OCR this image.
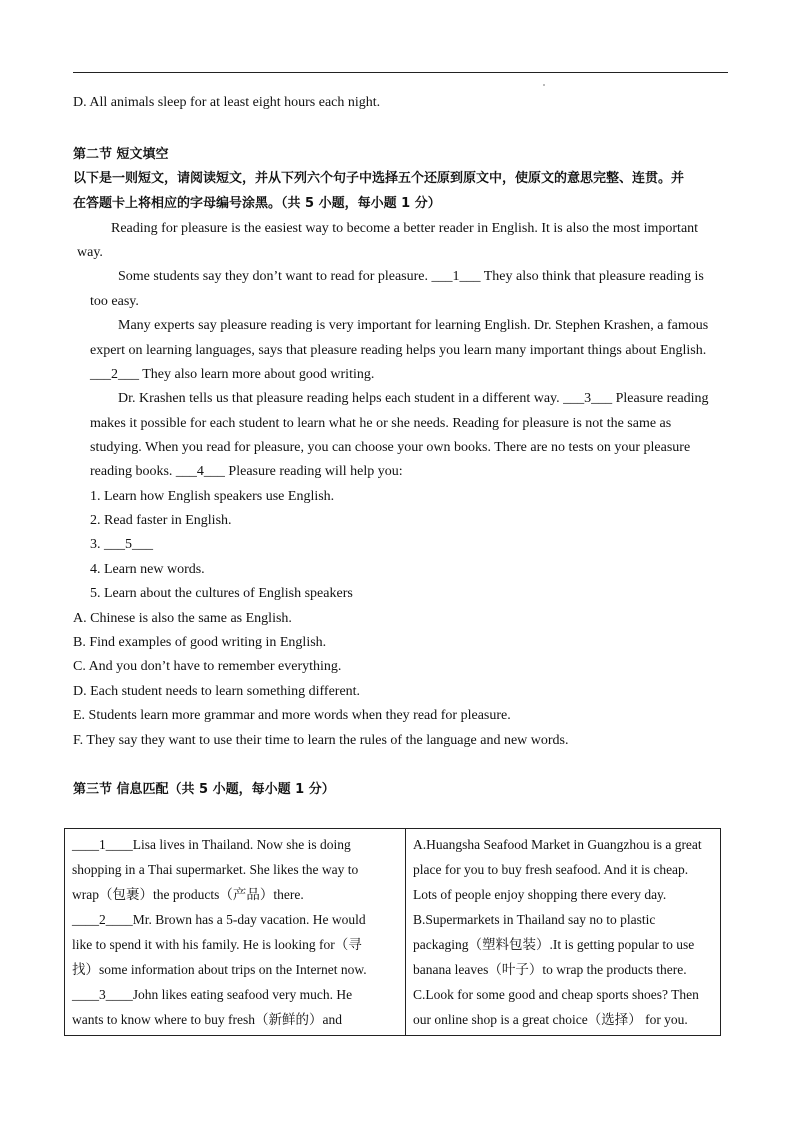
D. All animals sleep for at least eight hours each night.
第二节 短文填空
以下是一则短文，请阅读短文，并从下列六个句子中选择五个还原到原文中，使原文的意思完整、连贯。并
在答题卡上将相应的字母编号涂黑。（共 5 小题，每小题 1 分）
Reading for pleasure is the easiest way to become a better reader in English. It is also the most important
way.
Some students say they don’t want to read for pleasure. ___1___ They also think that pleasure reading is
too easy.
Many experts say pleasure reading is very important for learning English. Dr. Stephen Krashen, a famous
expert on learning languages, says that pleasure reading helps you learn many important things about English.
___2___ They also learn more about good writing.
Dr. Krashen tells us that pleasure reading helps each student in a different way. ___3___ Pleasure reading
makes it possible for each student to learn what he or she needs. Reading for pleasure is not the same as
studying. When you read for pleasure, you can choose your own books. There are no tests on your pleasure
reading books. ___4___ Pleasure reading will help you:
1. Learn how English speakers use English.
2. Read faster in English.
3. ___5___
4. Learn new words.
5. Learn about the cultures of English speakers
A. Chinese is also the same as English.
B. Find examples of good writing in English.
C. And you don’t have to remember everything.
D. Each student needs to learn something different.
E. Students learn more grammar and more words when they read for pleasure.
F. They say they want to use their time to learn the rules of the language and new words.
第三节 信息匹配（共 5 小题，每小题 1 分）
____1____Lisa lives in Thailand. Now she is doing
shopping in a Thai supermarket. She likes the way to
wrap（包裹）the products（产品）there.
____2____Mr. Brown has a 5-day vacation. He would
like to spend it with his family. He is looking for（寻
找）some information about trips on the Internet now.
____3____John likes eating seafood very much. He
wants to know where to buy fresh（新鲜的）and

A.Huangsha Seafood Market in Guangzhou is a great
place for you to buy fresh seafood. And it is cheap.
Lots of people enjoy shopping there every day.
B.Supermarkets in Thailand say no to plastic
packaging（塑料包装）.It is getting popular to use
banana leaves（叶子）to wrap the products there.
C.Look for some good and cheap sports shoes? Then
our online shop is a great choice（选择） for you.
